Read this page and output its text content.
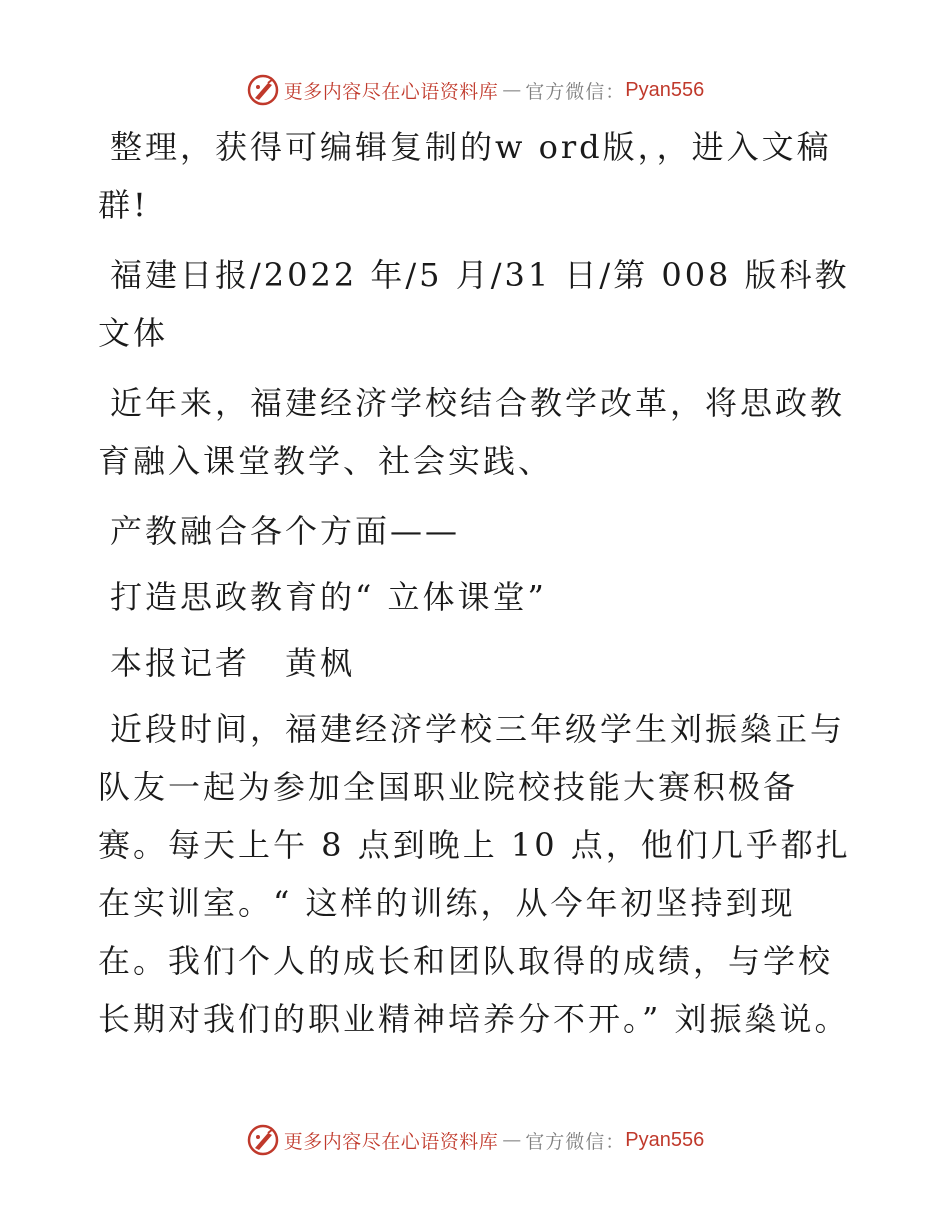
更多内容尽在心语资料库 — 官方微信： Pyan556

整理，获得可编辑复制的w ord版，，进入文稿群!

福建日报/2022 年/5 月/31 日/第 008 版科教文体

近年来，福建经济学校结合教学改革，将思政教育融入课堂教学、社会实践、

产教融合各个方面——

打造思政教育的“ 立体课堂”

本报记者　黄枫

近段时间，福建经济学校三年级学生刘振燊正与队友一起为参加全国职业院校技能大赛积极备赛。每天上午 8 点到晚上 10 点，他们几乎都扎在实训室。“ 这样的训练，从今年初坚持到现在。我们个人的成长和团队取得的成绩，与学校长期对我们的职业精神培养分不开。” 刘振燊说。

更多内容尽在心语资料库 — 官方微信： Pyan556
